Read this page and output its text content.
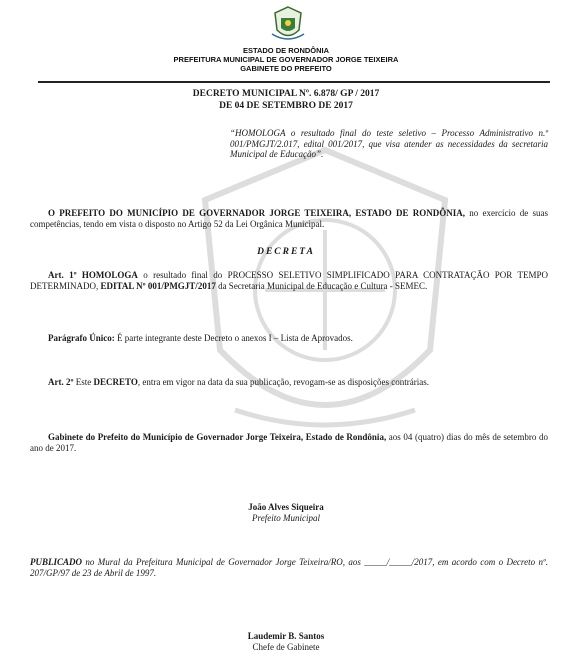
ESTADO DE RONDÔNIA
PREFEITURA MUNICIPAL DE GOVERNADOR JORGE TEIXEIRA
GABINETE DO PREFEITO
DECRETO MUNICIPAL Nº. 6.878/ GP / 2017
DE 04 DE SETEMBRO DE 2017
“HOMOLOGA o resultado final do teste seletivo – Processo Administrativo n.º 001/PMGJT/2.017, edital 001/2017, que visa atender as necessidades da secretaria Municipal de Educação”.
O PREFEITO DO MUNICÍPIO DE GOVERNADOR JORGE TEIXEIRA, ESTADO DE RONDÔNIA, no exercício de suas competências, tendo em vista o disposto no Artigo 52 da Lei Orgânica Municipal.
DECRETA
Art. 1º HOMOLOGA o resultado final do PROCESSO SELETIVO SIMPLIFICADO PARA CONTRATAÇÃO POR TEMPO DETERMINADO, EDITAL Nº 001/PMGJT/2017 da Secretaria Municipal de Educação e Cultura - SEMEC.
Parágrafo Único: É parte integrante deste Decreto o anexos I – Lista de Aprovados.
Art. 2º Este DECRETO, entra em vigor na data da sua publicação, revogam-se as disposições contrárias.
Gabinete do Prefeito do Município de Governador Jorge Teixeira, Estado de Rondônia, aos 04 (quatro) dias do mês de setembro do ano de 2017.
João Alves Siqueira
Prefeito Municipal
PUBLICADO no Mural da Prefeitura Municipal de Governador Jorge Teixeira/RO, aos _____/_____/2017, em acordo com o Decreto nº. 207/GP/97 de 23 de Abril de 1997.
Laudemir B. Santos
Chefe de Gabinete
